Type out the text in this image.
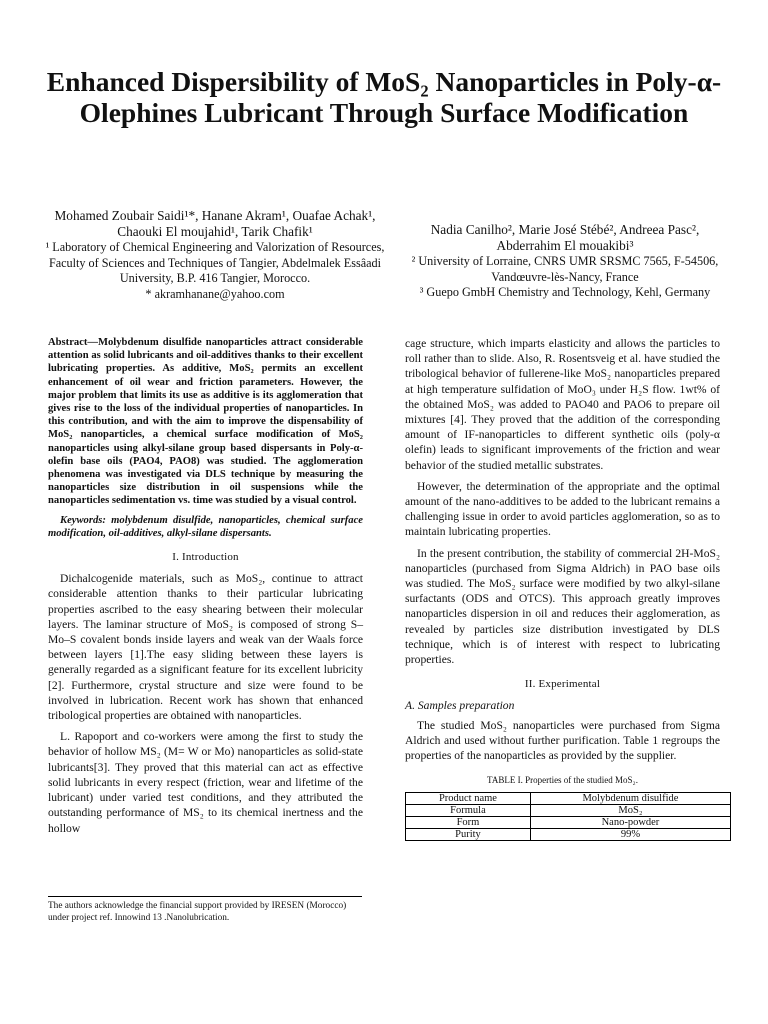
Enhanced Dispersibility of MoS₂ Nanoparticles in Poly-α-Olephines Lubricant Through Surface Modification
Mohamed Zoubair Saidi¹*, Hanane Akram¹, Ouafae Achak¹, Chaouki El moujahid¹, Tarik Chafik¹
¹ Laboratory of Chemical Engineering and Valorization of Resources, Faculty of Sciences and Techniques of Tangier, Abdelmalek Essâadi University, B.P. 416 Tangier, Morocco.
* akramhanane@yahoo.com
Nadia Canilho², Marie José Stébé², Andreea Pasc², Abderrahim El mouakibi³
² University of Lorraine, CNRS UMR SRSMC 7565, F-54506, Vandœuvre-lès-Nancy, France
³ Guepo GmbH Chemistry and Technology, Kehl, Germany

Abstract—Molybdenum disulfide nanoparticles attract considerable attention as solid lubricants and oil-additives thanks to their excellent lubricating properties. As additive, MoS₂ permits an excellent enhancement of oil wear and friction parameters. However, the major problem that limits its use as additive is its agglomeration that gives rise to the loss of the individual properties of nanoparticles. In this contribution, and with the aim to improve the dispensability of MoS₂ nanoparticles, a chemical surface modification of MoS₂ nanoparticles using alkyl-silane group based dispersants in Poly-α-olefin base oils (PAO4, PAO8) was studied. The agglomeration phenomena was investigated via DLS technique by measuring the nanoparticles size distribution in oil suspensions while the nanoparticles sedimentation vs. time was studied by a visual control.

Keywords: molybdenum disulfide, nanoparticles, chemical surface modification, oil-additives, alkyl-silane dispersants.

I. Introduction

Dichalcogenide materials, such as MoS₂, continue to attract considerable attention thanks to their particular lubricating properties ascribed to the easy shearing between their molecular layers. The laminar structure of MoS₂ is composed of strong S–Mo–S covalent bonds inside layers and weak van der Waals force between layers [1].The easy sliding between these layers is generally regarded as a significant feature for its excellent lubricity [2]. Furthermore, crystal structure and size were found to be involved in lubrication. Recent work has shown that enhanced tribological properties are obtained with nanoparticles.

L. Rapoport and co-workers were among the first to study the behavior of hollow MS₂ (M= W or Mo) nanoparticles as solid-state lubricants[3]. They proved that this material can act as effective solid lubricants in every respect (friction, wear and lifetime of the lubricant) under varied test conditions, and they attributed the outstanding performance of MS₂ to its chemical inertness and the hollow

cage structure, which imparts elasticity and allows the particles to roll rather than to slide. Also, R. Rosentsveig et al. have studied the tribological behavior of fullerene-like MoS₂ nanoparticles prepared at high temperature sulfidation of MoO₃ under H₂S flow. 1wt% of the obtained MoS₂ was added to PAO40 and PAO6 to prepare oil mixtures [4]. They proved that the addition of the corresponding amount of IF-nanoparticles to different synthetic oils (poly-α olefin) leads to significant improvements of the friction and wear behavior of the studied metallic substrates.

However, the determination of the appropriate and the optimal amount of the nano-additives to be added to the lubricant remains a challenging issue in order to avoid particles agglomeration, so as to maintain lubricating properties.

In the present contribution, the stability of commercial 2H-MoS₂ nanoparticles (purchased from Sigma Aldrich) in PAO base oils was studied. The MoS₂ surface were modified by two alkyl-silane surfactants (ODS and OTCS). This approach greatly improves nanoparticles dispersion in oil and reduces their agglomeration, as revealed by particles size distribution investigated by DLS technique, which is of interest with respect to lubricating properties.

II. Experimental

A. Samples preparation

The studied MoS₂ nanoparticles were purchased from Sigma Aldrich and used without further purification. Table 1 regroups the properties of the nanoparticles as provided by the supplier.

TABLE I. Properties of the studied MoS₂.

Product name	Molybdenum disulfide
Formula	MoS₂
Form	Nano-powder
Purity	99%
The authors acknowledge the financial support provided by IRESEN (Morocco) under project ref. Innowind 13 .Nanolubrication.
